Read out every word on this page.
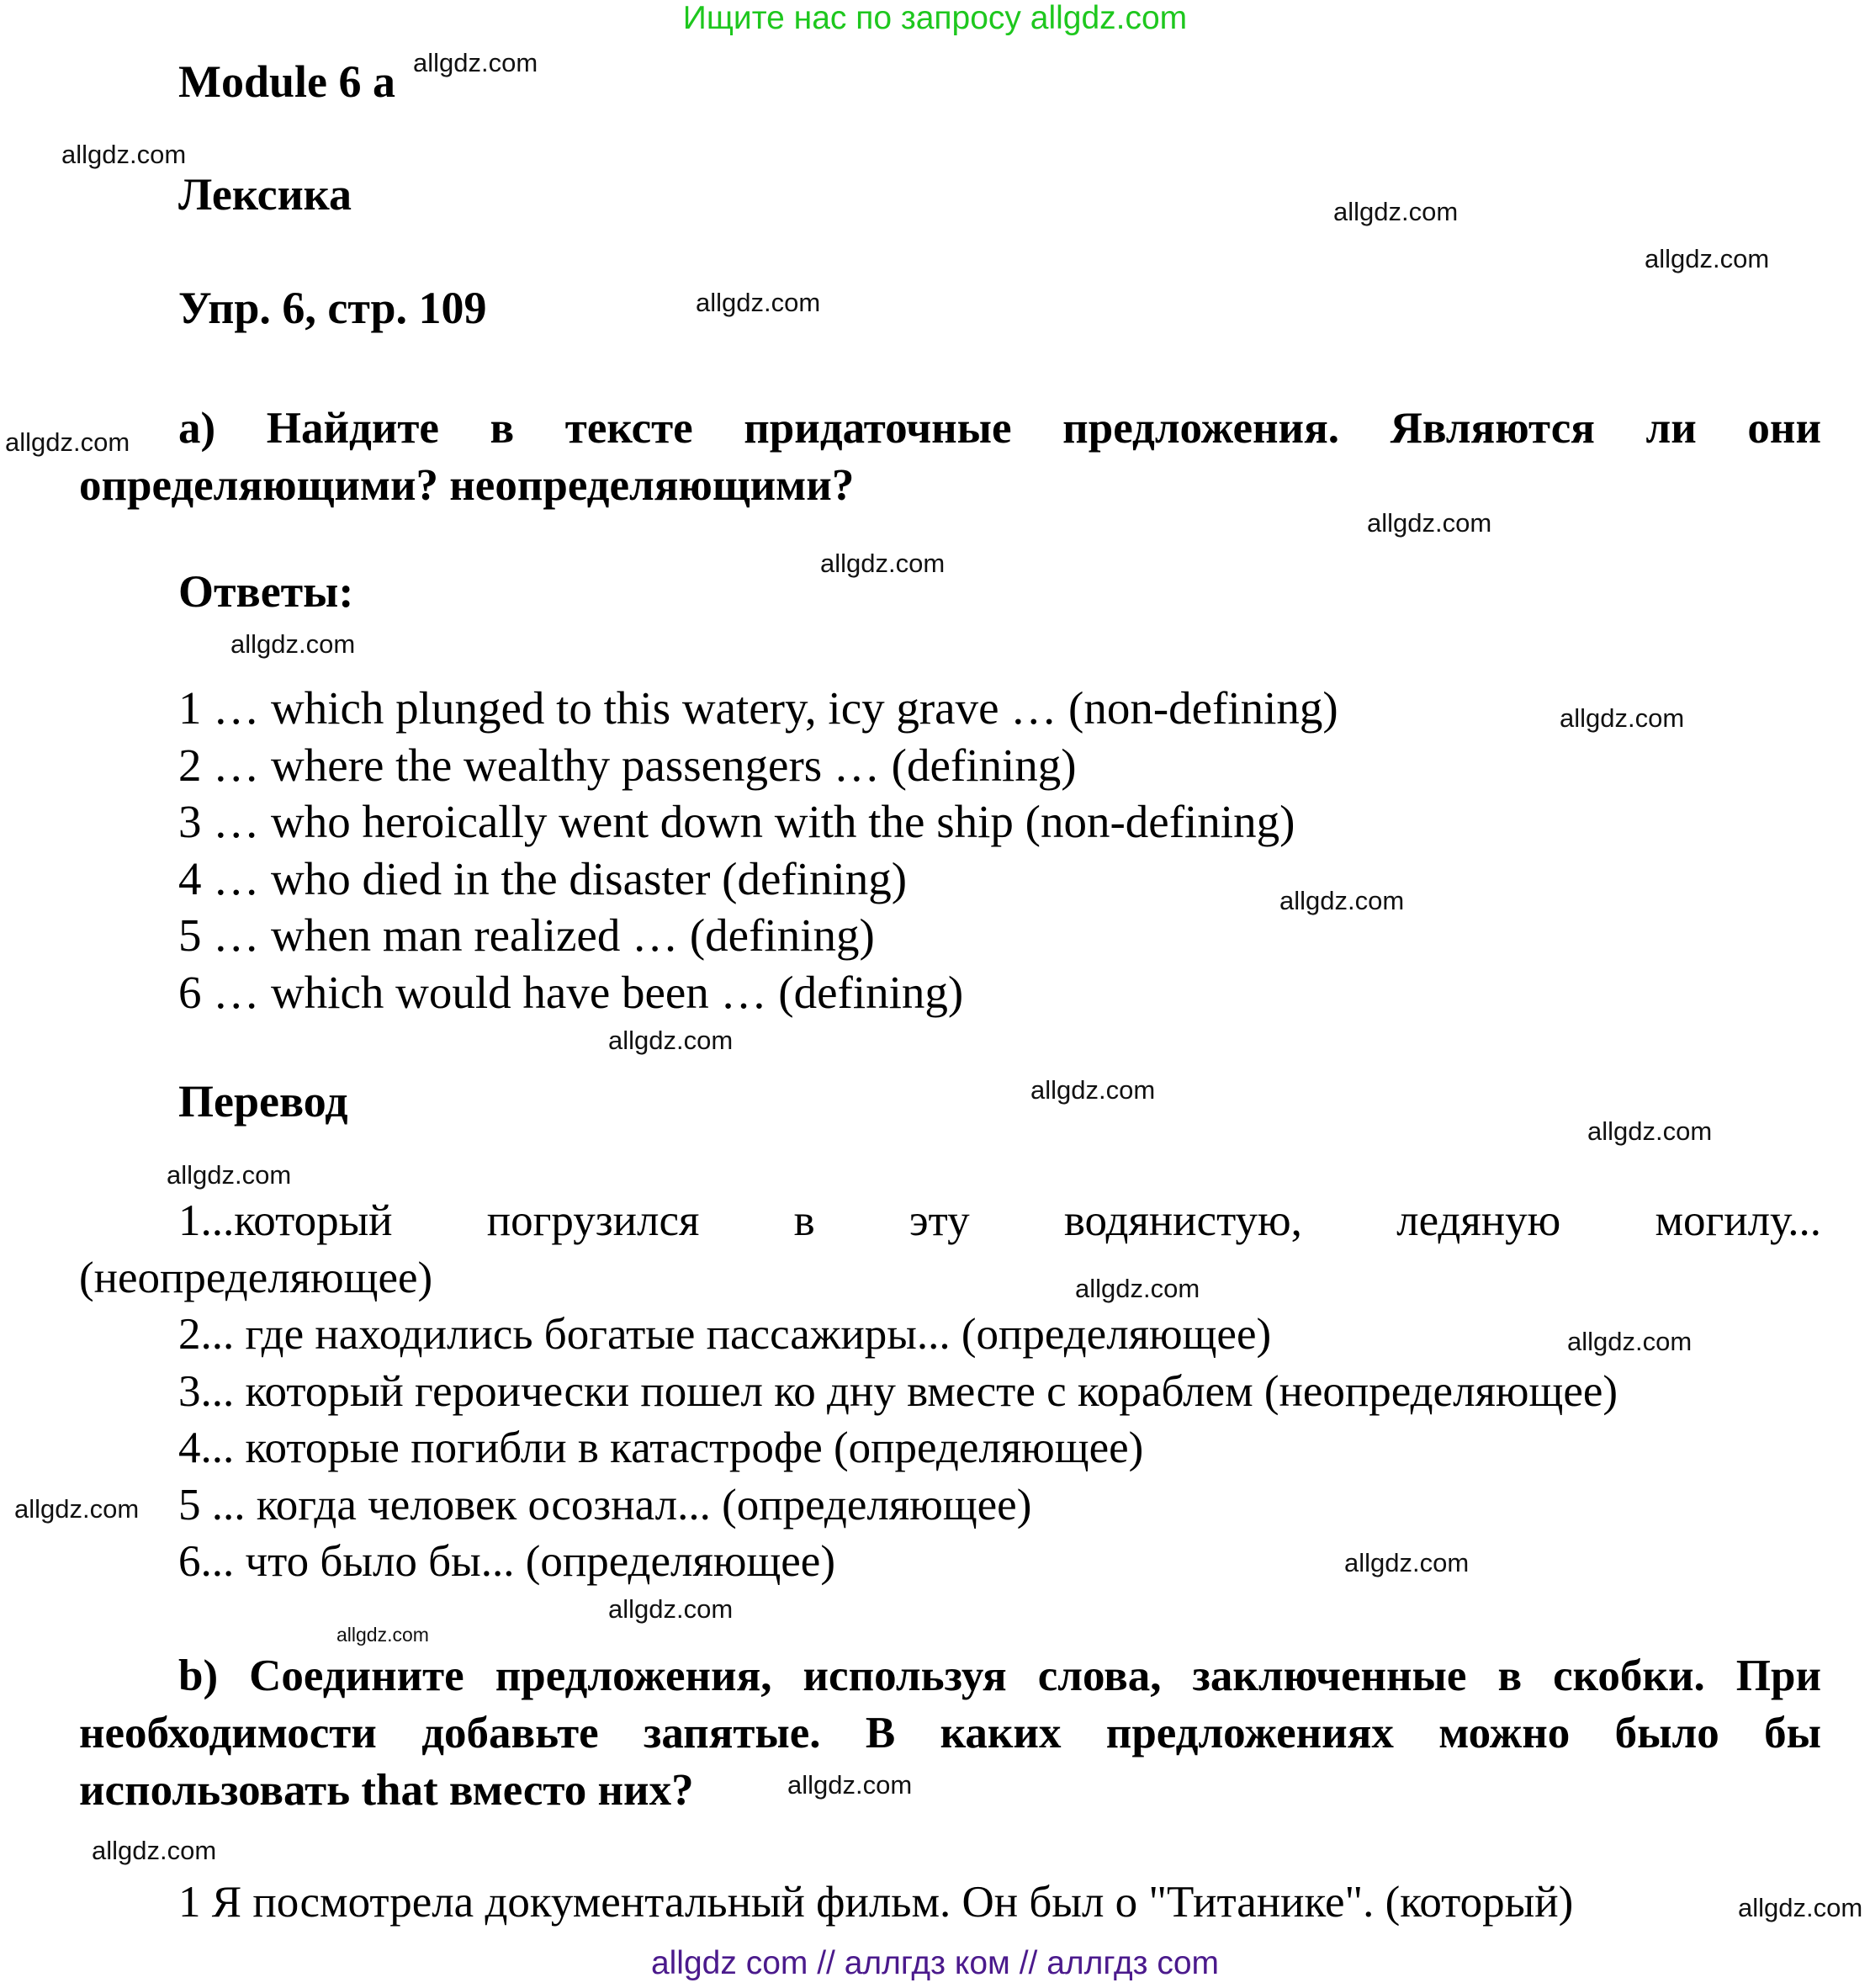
Ищите нас по запросу allgdz.com
Module 6 a
Лексика
Упр. 6, стр. 109
а) Найдите в тексте придаточные предложения. Являются ли они определяющими? неопределяющими?
Ответы:
1 … which plunged to this watery, icy grave … (non-defining)
2 … where the wealthy passengers … (defining)
3 … who heroically went down with the ship (non-defining)
4 … who died in the disaster (defining)
5 … when man realized … (defining)
6 … which would have been … (defining)
Перевод
1...который погрузился в эту водянистую, ледяную могилу...
(неопределяющее)
2... где находились богатые пассажиры... (определяющее)
3... который героически пошел ко дну вместе с кораблем (неопределяющее)
4... которые погибли в катастрофе (определяющее)
5 ... когда человек осознал... (определяющее)
6... что было бы... (определяющее)
b) Соедините предложения, используя слова, заключенные в скобки. При необходимости добавьте запятые. В каких предложениях можно было бы использовать that вместо них?
1 Я посмотрела документальный фильм. Он был о "Титанике". (который)
allgdz.com
allgdz.com
allgdz.com
allgdz.com
allgdz.com
allgdz.com
allgdz.com
allgdz.com
allgdz.com
allgdz.com
allgdz.com
allgdz.com
allgdz.com
allgdz.com
allgdz.com
allgdz.com
allgdz.com
allgdz.com
allgdz.com
allgdz.com
allgdz.com
allgdz.com
allgdz.com
allgdz.com
allgdz com // аллгдз ком // аллгдз com
